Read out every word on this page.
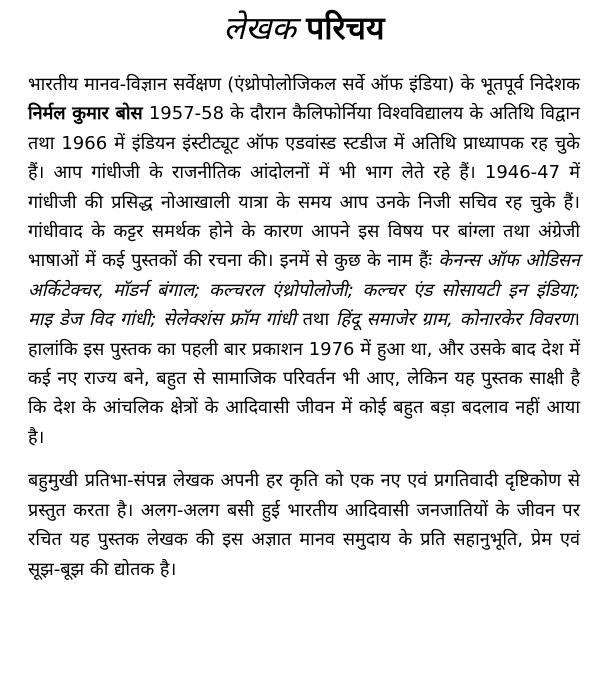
लेखक परिचय

भारतीय मानव-विज्ञान सर्वेक्षण (एंथ्रोपोलोजिकल सर्वे ऑफ इंडिया) के भूतपूर्व निदेशक निर्मल कुमार बोस 1957-58 के दौरान कैलिफोर्निया विश्वविद्यालय के अतिथि विद्वान तथा 1966 में इंडियन इंस्टीट्यूट ऑफ एडवांस्ड स्टडीज में अतिथि प्राध्यापक रह चुके हैं। आप गांधीजी के राजनीतिक आंदोलनों में भी भाग लेते रहे हैं। 1946-47 में गांधीजी की प्रसिद्ध नोआखाली यात्रा के समय आप उनके निजी सचिव रह चुके हैं। गांधीवाद के कट्टर समर्थक होने के कारण आपने इस विषय पर बांग्ला तथा अंग्रेजी भाषाओं में कई पुस्तकों की रचना की। इनमें से कुछ के नाम हैंः केनन्स ऑफ ओडिसन अर्किटेक्चर, मॉडर्न बंगाल; कल्चरल एंथ्रोपोलोजी; कल्चर एंड सोसायटी इन इंडिया; माइ डेज विद गांधी; सेलेक्शंस फ्रॉम गांधी तथा हिंदू समाजेर ग्राम, कोनारकेर विवरण। हालांकि इस पुस्तक का पहली बार प्रकाशन 1976 में हुआ था, और उसके बाद देश में कई नए राज्य बने, बहुत से सामाजिक परिवर्तन भी आए, लेकिन यह पुस्तक साक्षी है कि देश के आंचलिक क्षेत्रों के आदिवासी जीवन में कोई बहुत बड़ा बदलाव नहीं आया है।

बहुमुखी प्रतिभा-संपन्न लेखक अपनी हर कृति को एक नए एवं प्रगतिवादी दृष्टिकोण से प्रस्तुत करता है। अलग-अलग बसी हुई भारतीय आदिवासी जनजातियों के जीवन पर रचित यह पुस्तक लेखक की इस अज्ञात मानव समुदाय के प्रति सहानुभूति, प्रेम एवं सूझ-बूझ की द्योतक है।
